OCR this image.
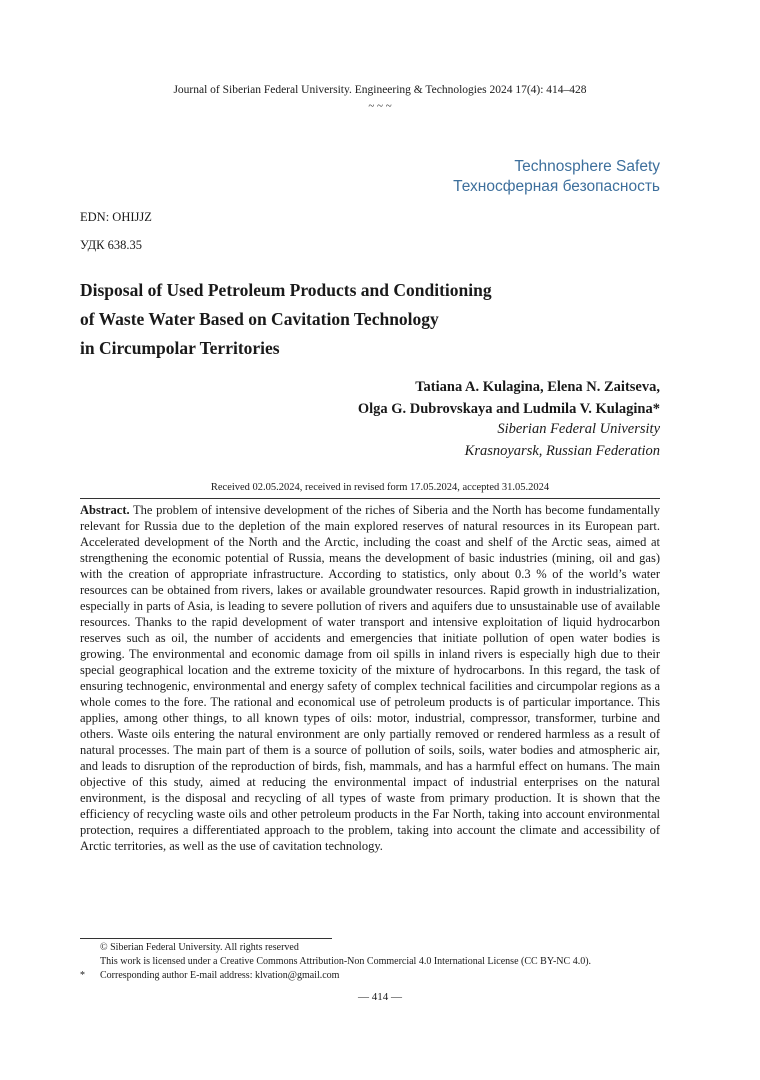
Journal of Siberian Federal University. Engineering & Technologies 2024 17(4): 414–428
~ ~ ~
Technosphere Safety
Техносферная безопасность
EDN: OHIJJZ
УДК 638.35
Disposal of Used Petroleum Products and Conditioning
of Waste Water Based on Cavitation Technology
in Circumpolar Territories
Tatiana A. Kulagina, Elena N. Zaitseva,
Olga G. Dubrovskaya and Ludmila V. Kulagina*
Siberian Federal University
Krasnoyarsk, Russian Federation
Received 02.05.2024, received in revised form 17.05.2024, accepted 31.05.2024

Abstract. The problem of intensive development of the riches of Siberia and the North has become fundamentally relevant for Russia due to the depletion of the main explored reserves of natural resources in its European part. Accelerated development of the North and the Arctic, including the coast and shelf of the Arctic seas, aimed at strengthening the economic potential of Russia, means the development of basic industries (mining, oil and gas) with the creation of appropriate infrastructure. According to statistics, only about 0.3 % of the world’s water resources can be obtained from rivers, lakes or available groundwater resources. Rapid growth in industrialization, especially in parts of Asia, is leading to severe pollution of rivers and aquifers due to unsustainable use of available resources. Thanks to the rapid development of water transport and intensive exploitation of liquid hydrocarbon reserves such as oil, the number of accidents and emergencies that initiate pollution of open water bodies is growing. The environmental and economic damage from oil spills in inland rivers is especially high due to their special geographical location and the extreme toxicity of the mixture of hydrocarbons. In this regard, the task of ensuring technogenic, environmental and energy safety of complex technical facilities and circumpolar regions as a whole comes to the fore. The rational and economical use of petroleum products is of particular importance. This applies, among other things, to all known types of oils: motor, industrial, compressor, transformer, turbine and others. Waste oils entering the natural environment are only partially removed or rendered harmless as a result of natural processes. The main part of them is a source of pollution of soils, soils, water bodies and atmospheric air, and leads to disruption of the reproduction of birds, fish, mammals, and has a harmful effect on humans. The main objective of this study, aimed at reducing the environmental impact of industrial enterprises on the natural environment, is the disposal and recycling of all types of waste from primary production. It is shown that the efficiency of recycling waste oils and other petroleum products in the Far North, taking into account environmental protection, requires a differentiated approach to the problem, taking into account the climate and accessibility of Arctic territories, as well as the use of cavitation technology.

© Siberian Federal University. All rights reserved
This work is licensed under a Creative Commons Attribution-Non Commercial 4.0 International License (CC BY-NC 4.0).
* Corresponding author E-mail address: klvation@gmail.com
— 414 —
